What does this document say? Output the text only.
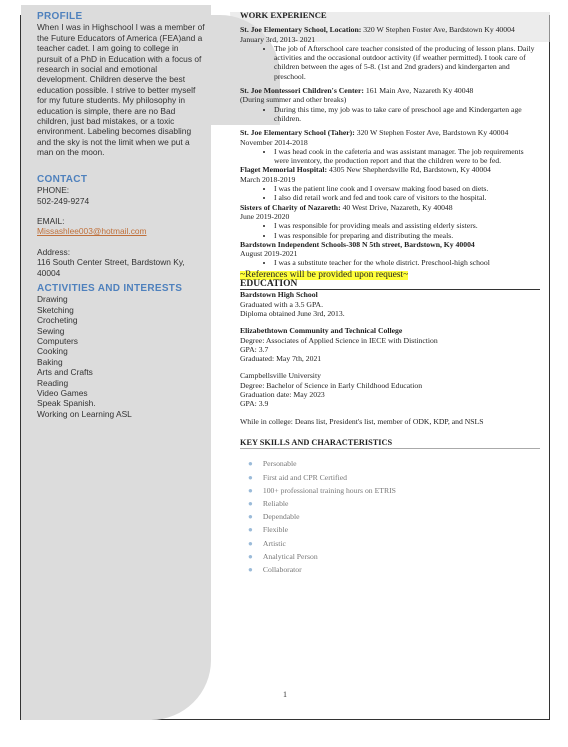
PROFILE

When I was in Highschool I was a member of the Future Educators of America (FEA)and a teacher cadet. I am going to college in pursuit of a PhD in Education with a focus of research in social and emotional development. Children deserve the best education possible. I strive to better myself for my future students. My philosophy in education is simple, there are no Bad children, just bad mistakes, or a toxic environment. Labeling becomes disabling and the sky is not the limit when we put a man on the moon.

CONTACT

PHONE:

502-249-9274

EMAIL:

Missashlee003@hotmail.com

Address:

116 South Center Street, Bardstown Ky, 40004

ACTIVITIES AND INTERESTS

Drawing

Sketching

Crocheting

Sewing

Computers

Cooking

Baking

Arts and Crafts

Reading

Video Games

Speak Spanish.

Working on Learning ASL

WORK EXPERIENCE

St. Joe Elementary School, Location: 320 W Stephen Foster Ave, Bardstown Ky 40004

January 3rd, 2013- 2021

• The job of Afterschool care teacher consisted of the producing of lesson plans. Daily activities and the occasional outdoor activity (if weather permitted). I took care of children between the ages of 5-8. (1st and 2nd graders) and kindergarten and preschool.

St. Joe Montessori Children's Center: 161 Main Ave, Nazareth Ky 40048

(During summer and other breaks)

• During this time, my job was to take care of preschool age and Kindergarten age children.

St. Joe Elementary School (Taher): 320 W Stephen Foster Ave, Bardstown Ky 40004

November 2014-2018

• I was head cook in the cafeteria and was assistant manager. The job requirements were inventory, the production report and that the children were to be fed.

Flaget Memorial Hospital: 4305 New Shepherdsville Rd, Bardstown, Ky 40004

March 2018-2019

• I was the patient line cook and I oversaw making food based on diets.
• I also did retail work and fed and took care of visitors to the hospital.

Sisters of Charity of Nazareth: 40 West Drive, Nazareth, Ky 40048

June 2019-2020

• I was responsible for providing meals and assisting elderly sisters.
• I was responsible for preparing and distributing the meals.

Bardstown Independent Schools-308 N 5th street, Bardstown, Ky 40004

August 2019-2021

• I was a substitute teacher for the whole district. Preschool-high school
~References will be provided upon request~

EDUCATION

Bardstown High School

Graduated with a 3.5 GPA.

Diploma obtained June 3rd, 2013.

Elizabethtown Community and Technical College

Degree: Associates of Applied Science in IECE with Distinction

GPA: 3.7

Graduated: May 7th, 2021

Campbellsville University

Degree: Bachelor of Science in Early Childhood Education

Graduation date: May 2023

GPA: 3.9

While in college: Deans list, President's list, member of ODK, KDP, and NSLS

KEY SKILLS AND CHARACTERISTICS

● Personable
● First aid and CPR Certified
● 100+ professional training hours on ETRIS
● Reliable
● Dependable
● Flexible
● Artistic
● Analytical Person
● Collaborator
1
